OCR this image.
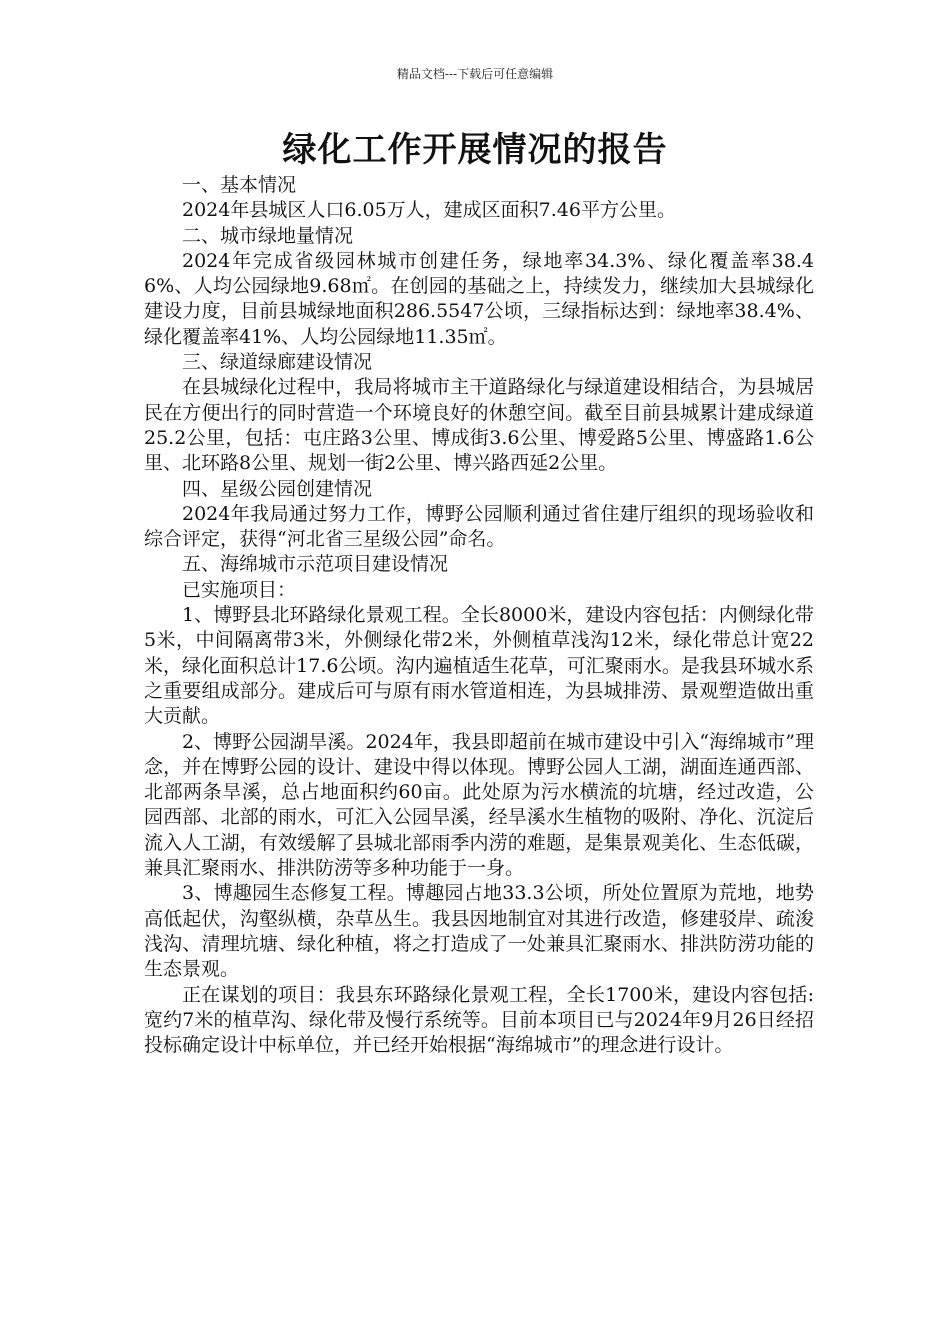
精品文档---下载后可任意编辑
绿化工作开展情况的报告

一、基本情况

2024年县城区人口6.05万人，建成区面积7.46平方公里。

二、城市绿地量情况

2024年完成省级园林城市创建任务，绿地率34.3%、绿化覆盖率38.46%、人均公园绿地9.68㎡。在创园的基础之上，持续发力，继续加大县城绿化建设力度，目前县城绿地面积286.5547公顷，三绿指标达到：绿地率38.4%、绿化覆盖率41%、人均公园绿地11.35㎡。

三、绿道绿廊建设情况

在县城绿化过程中，我局将城市主干道路绿化与绿道建设相结合，为县城居民在方便出行的同时营造一个环境良好的休憩空间。截至目前县城累计建成绿道25.2公里，包括：屯庄路3公里、博成街3.6公里、博爱路5公里、博盛路1.6公里、北环路8公里、规划一街2公里、博兴路西延2公里。

四、星级公园创建情况

2024年我局通过努力工作，博野公园顺利通过省住建厅组织的现场验收和综合评定，获得“河北省三星级公园”命名。

五、海绵城市示范项目建设情况

已实施项目：

1、博野县北环路绿化景观工程。全长8000米，建设内容包括：内侧绿化带5米，中间隔离带3米，外侧绿化带2米，外侧植草浅沟12米，绿化带总计宽22米，绿化面积总计17.6公顷。沟内遍植适生花草，可汇聚雨水。是我县环城水系之重要组成部分。建成后可与原有雨水管道相连，为县城排涝、景观塑造做出重大贡献。

2、博野公园湖旱溪。2024年，我县即超前在城市建设中引入“海绵城市”理念，并在博野公园的设计、建设中得以体现。博野公园人工湖，湖面连通西部、北部两条旱溪，总占地面积约60亩。此处原为污水横流的坑塘，经过改造，公园西部、北部的雨水，可汇入公园旱溪，经旱溪水生植物的吸附、净化、沉淀后流入人工湖，有效缓解了县城北部雨季内涝的难题，是集景观美化、生态低碳，兼具汇聚雨水、排洪防涝等多种功能于一身。

3、博趣园生态修复工程。博趣园占地33.3公顷，所处位置原为荒地，地势高低起伏，沟壑纵横，杂草丛生。我县因地制宜对其进行改造，修建驳岸、疏浚浅沟、清理坑塘、绿化种植，将之打造成了一处兼具汇聚雨水、排洪防涝功能的生态景观。

正在谋划的项目：我县东环路绿化景观工程，全长1700米，建设内容包括:宽约7米的植草沟、绿化带及慢行系统等。目前本项目已与2024年9月26日经招投标确定设计中标单位，并已经开始根据“海绵城市”的理念进行设计。
